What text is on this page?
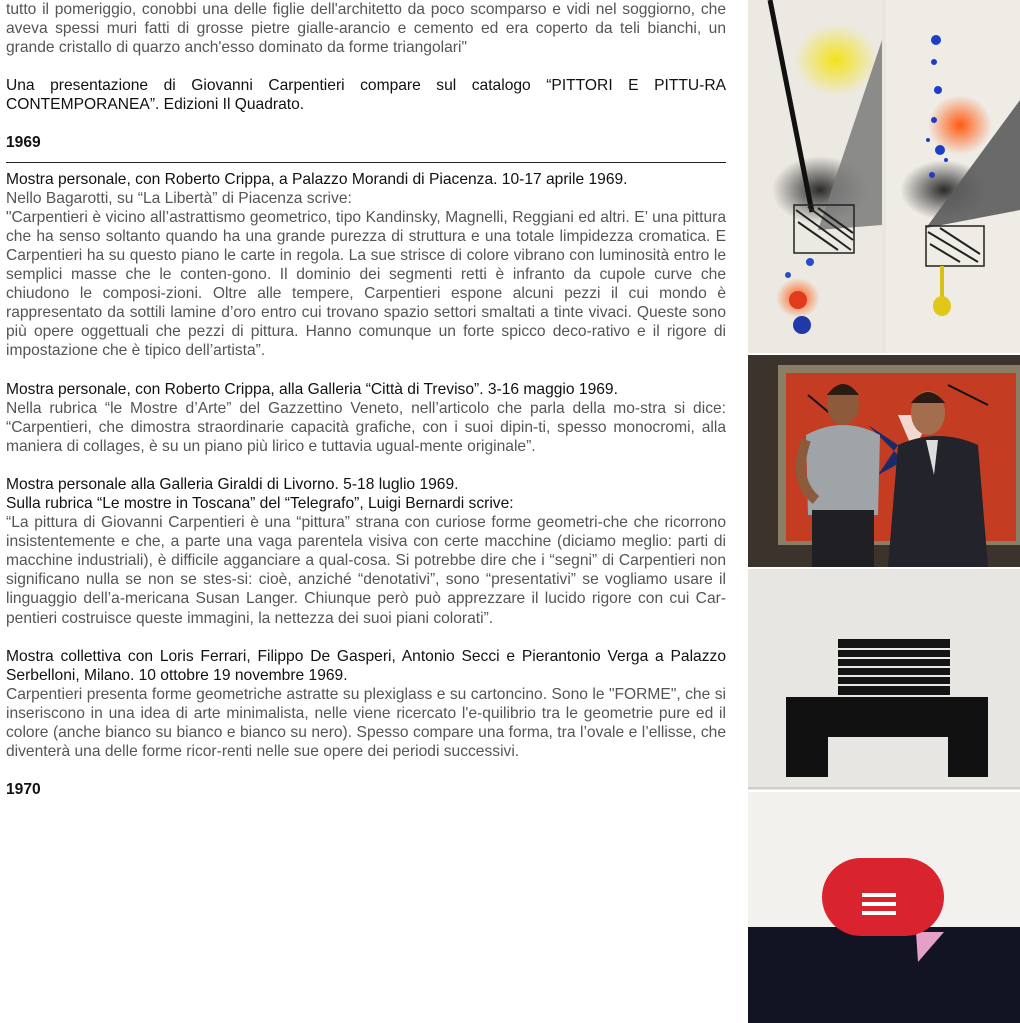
tutto il pomeriggio, conobbi una delle figlie dell'architetto da poco scomparso e vidi nel soggiorno, che aveva spessi muri fatti di grosse pietre gialle-arancio e cemento ed era coperto da teli bianchi, un grande cristallo di quarzo anch'esso dominato da forme triangolari"

Una presentazione di Giovanni Carpentieri compare sul catalogo “PITTORI E PITTU-RA CONTEMPORANEA”. Edizioni Il Quadrato.

1969

Mostra personale, con Roberto Crippa, a Palazzo Morandi di Piacenza. 10-17 aprile 1969.

Nello Bagarotti, su “La Libertà” di Piacenza scrive:
"Carpentieri è vicino all’astrattismo geometrico, tipo Kandinsky, Magnelli, Reggiani ed altri. E’ una pittura che ha senso soltanto quando ha una grande purezza di struttura e una totale limpidezza cromatica. E Carpentieri ha su questo piano le carte in regola. La sue strisce di colore vibrano con luminosità entro le semplici masse che le conten-gono. Il dominio dei segmenti retti è infranto da cupole curve che chiudono le composi-zioni. Oltre alle tempere, Carpentieri espone alcuni pezzi il cui mondo è rappresentato da sottili lamine d’oro entro cui trovano spazio settori smaltati a tinte vivaci. Queste sono più opere oggettuali che pezzi di pittura. Hanno comunque un forte spicco deco-rativo e il rigore di impostazione che è tipico dell’artista”.

Mostra personale, con Roberto Crippa, alla Galleria “Città di Treviso”. 3-16 maggio 1969.

Nella rubrica “le Mostre d’Arte” del Gazzettino Veneto, nell’articolo che parla della mo-stra si dice: “Carpentieri, che dimostra straordinarie capacità grafiche, con i suoi dipin-ti, spesso monocromi, alla maniera di collages, è su un piano più lirico e tuttavia ugual-mente originale”.

Mostra personale alla Galleria Giraldi di Livorno. 5-18 luglio 1969.
Sulla rubrica “Le mostre in Toscana” del “Telegrafo”, Luigi Bernardi scrive:

“La pittura di Giovanni Carpentieri è una “pittura” strana con curiose forme geometri-che che ricorrono insistentemente e che, a parte una vaga parentela visiva con certe macchine (diciamo meglio: parti di macchine industriali), è difficile agganciare a qual-cosa. Si potrebbe dire che i “segni” di Carpentieri non significano nulla se non se stes-si: cioè, anziché “denotativi”, sono “presentativi” se vogliamo usare il linguaggio dell’a-mericana Susan Langer. Chiunque però può apprezzare il lucido rigore con cui Car-pentieri costruisce queste immagini, la nettezza dei suoi piani colorati”.

Mostra collettiva con Loris Ferrari, Filippo De Gasperi, Antonio Secci e Pierantonio Verga a Palazzo Serbelloni, Milano. 10 ottobre 19 novembre 1969.

Carpentieri presenta forme geometriche astratte su plexiglass e su cartoncino. Sono le "FORME", che si inseriscono in una idea di arte minimalista, nelle viene ricercato l'e-quilibrio tra le geometrie pure ed il colore (anche bianco su bianco e bianco su nero). Spesso compare una forma, tra l’ovale e l’ellisse, che diventerà una delle forme ricor-renti nelle sue opere dei periodi successivi.

1970
